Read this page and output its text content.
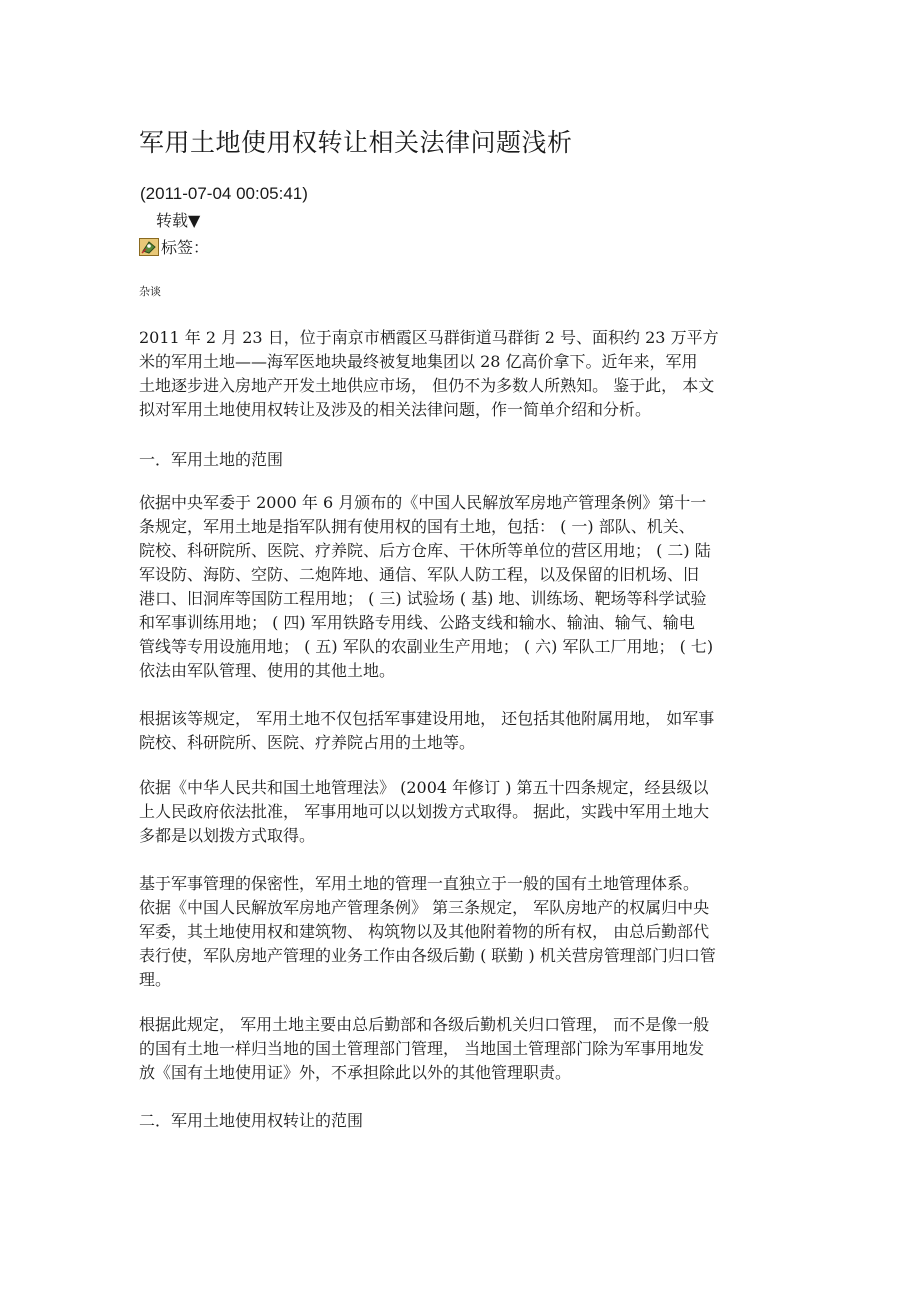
军用土地使用权转让相关法律问题浅析
(2011-07-04 00:05:41)
转载▼
标签：
杂谈
2011 年 2 月 23 日，位于南京市栖霞区马群街道马群街 2 号、面积约 23 万平方
米的军用土地——海军医地块最终被复地集团以 28 亿高价拿下。近年来，军用
土地逐步进入房地产开发土地供应市场， 但仍不为多数人所熟知。 鉴于此， 本文
拟对军用土地使用权转让及涉及的相关法律问题，作一简单介绍和分析。
一．军用土地的范围
依据中央军委于 2000 年 6 月颁布的《中国人民解放军房地产管理条例》第十一
条规定，军用土地是指军队拥有使用权的国有土地，包括： ( 一) 部队、机关、
院校、科研院所、医院、疗养院、后方仓库、干休所等单位的营区用地； ( 二) 陆
军设防、海防、空防、二炮阵地、通信、军队人防工程，以及保留的旧机场、旧
港口、旧洞库等国防工程用地； ( 三) 试验场 ( 基) 地、训练场、靶场等科学试验
和军事训练用地； ( 四) 军用铁路专用线、公路支线和输水、输油、输气、输电
管线等专用设施用地； ( 五) 军队的农副业生产用地； ( 六) 军队工厂用地； ( 七)
依法由军队管理、使用的其他土地。
根据该等规定， 军用土地不仅包括军事建设用地， 还包括其他附属用地， 如军事
院校、科研院所、医院、疗养院占用的土地等。
依据《中华人民共和国土地管理法》 (2004 年修订 ) 第五十四条规定，经县级以
上人民政府依法批准， 军事用地可以以划拨方式取得。 据此，实践中军用土地大
多都是以划拨方式取得。
基于军事管理的保密性，军用土地的管理一直独立于一般的国有土地管理体系。
依据《中国人民解放军房地产管理条例》 第三条规定， 军队房地产的权属归中央
军委，其土地使用权和建筑物、 构筑物以及其他附着物的所有权， 由总后勤部代
表行使，军队房地产管理的业务工作由各级后勤 ( 联勤 ) 机关营房管理部门归口管
理。
根据此规定， 军用土地主要由总后勤部和各级后勤机关归口管理， 而不是像一般
的国有土地一样归当地的国土管理部门管理， 当地国土管理部门除为军事用地发
放《国有土地使用证》外，不承担除此以外的其他管理职责。
二．军用土地使用权转让的范围
